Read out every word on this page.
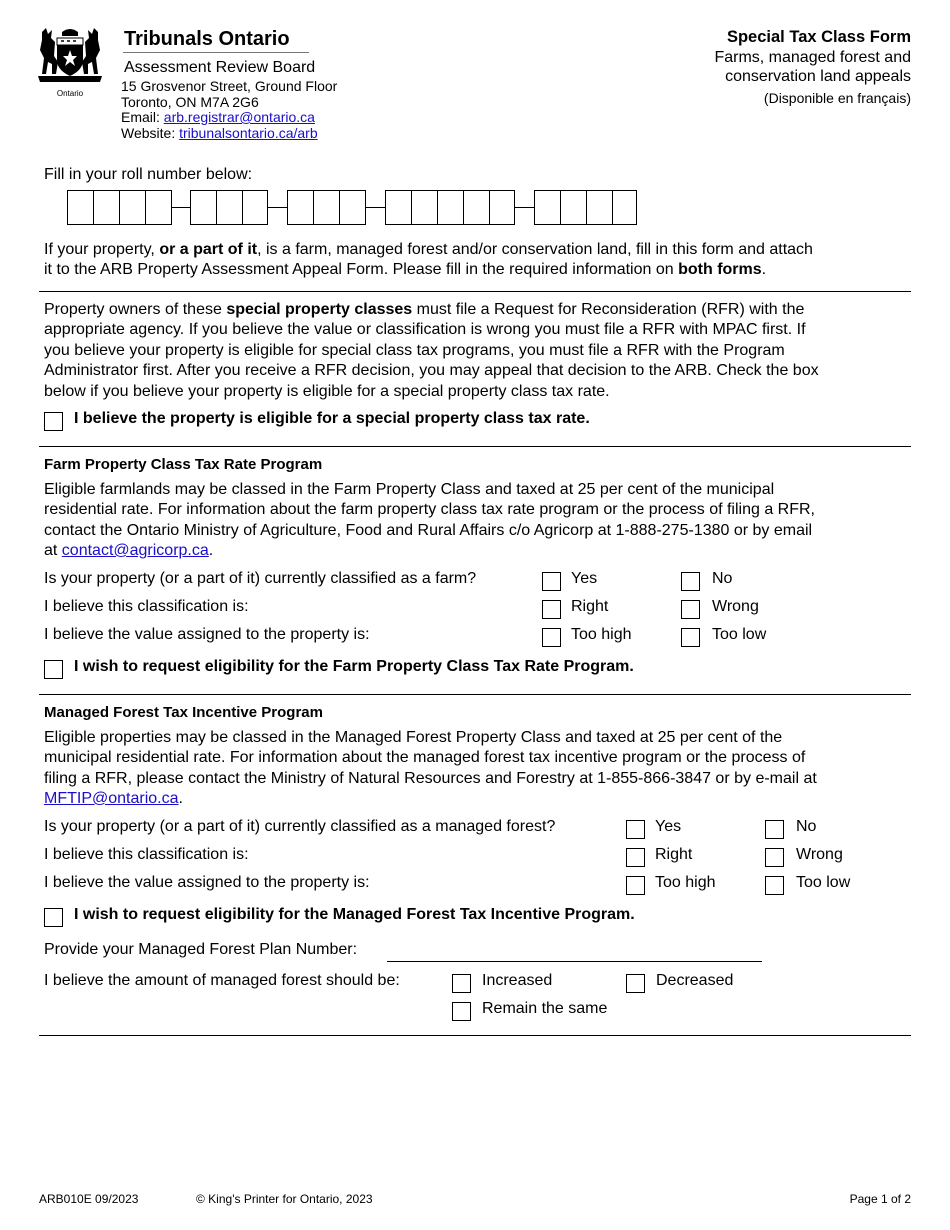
Ontario
Tribunals Ontario
Assessment Review Board
15 Grosvenor Street, Ground Floor
Toronto, ON M7A 2G6
Email: arb.registrar@ontario.ca
Website: tribunalsontario.ca/arb
Special Tax Class Form
Farms, managed forest and
conservation land appeals
(Disponible en français)
Fill in your roll number below:
If your property, or a part of it, is a farm, managed forest and/or conservation land, fill in this form and attach
it to the ARB Property Assessment Appeal Form. Please fill in the required information on both forms.
Property owners of these special property classes must file a Request for Reconsideration (RFR) with the
appropriate agency. If you believe the value or classification is wrong you must file a RFR with MPAC first. If
you believe your property is eligible for special class tax programs, you must file a RFR with the Program
Administrator first. After you receive a RFR decision, you may appeal that decision to the ARB. Check the box
below if you believe your property is eligible for a special property class tax rate.
I believe the property is eligible for a special property class tax rate.
Farm Property Class Tax Rate Program
Eligible farmlands may be classed in the Farm Property Class and taxed at 25 per cent of the municipal
residential rate. For information about the farm property class tax rate program or the process of filing a RFR,
contact the Ontario Ministry of Agriculture, Food and Rural Affairs c/o Agricorp at 1-888-275-1380 or by email
at contact@agricorp.ca.
Is your property (or a part of it) currently classified as a farm?	Yes	No
I believe this classification is:	Right	Wrong
I believe the value assigned to the property is:	Too high	Too low
I wish to request eligibility for the Farm Property Class Tax Rate Program.
Managed Forest Tax Incentive Program
Eligible properties may be classed in the Managed Forest Property Class and taxed at 25 per cent of the
municipal residential rate. For information about the managed forest tax incentive program or the process of
filing a RFR, please contact the Ministry of Natural Resources and Forestry at 1-855-866-3847 or by e-mail at
MFTIP@ontario.ca.
Is your property (or a part of it) currently classified as a managed forest?	Yes	No
I believe this classification is:	Right	Wrong
I believe the value assigned to the property is:	Too high	Too low
I wish to request eligibility for the Managed Forest Tax Incentive Program.
Provide your Managed Forest Plan Number:
I believe the amount of managed forest should be:	Increased	Decreased
Remain the same
ARB010E 09/2023	© King's Printer for Ontario, 2023	Page 1 of 2
